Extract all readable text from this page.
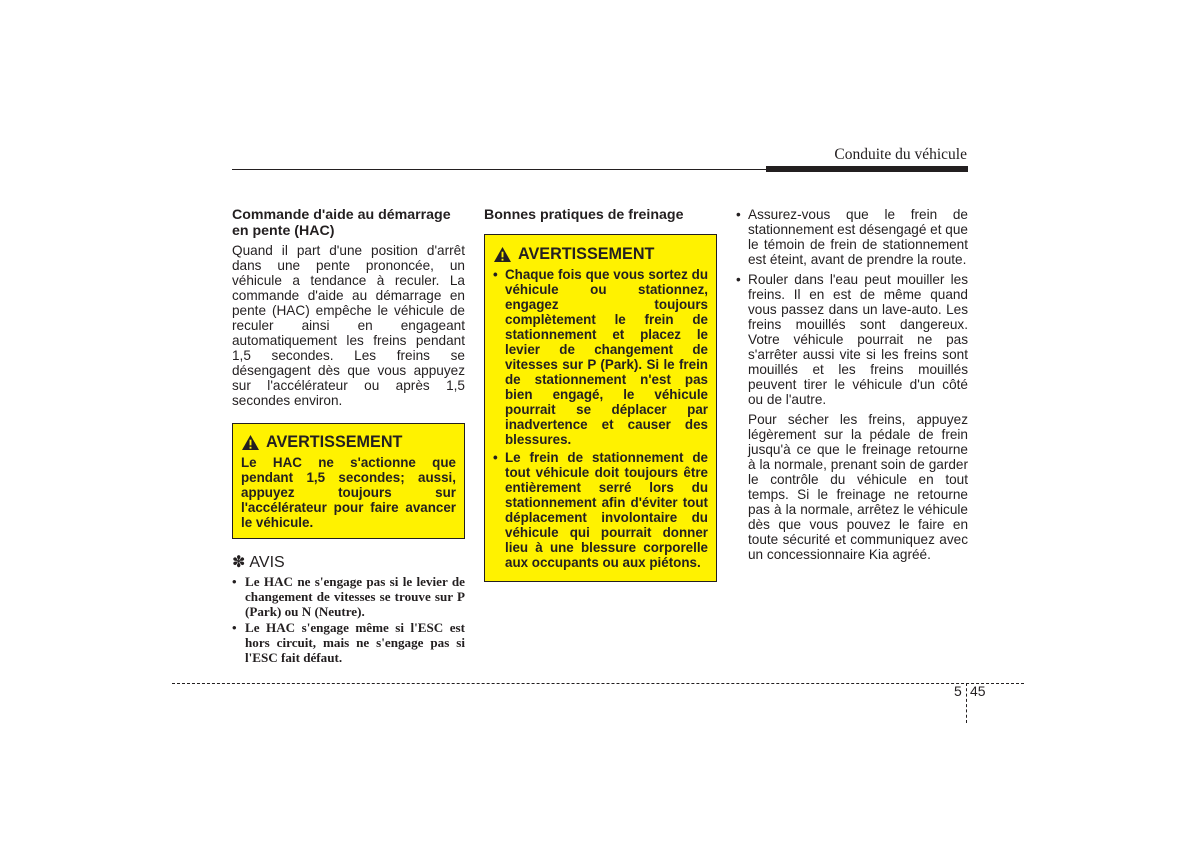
Conduite du véhicule
Commande d'aide au démarrage en pente (HAC)

Quand il part d'une position d'arrêt dans une pente prononcée, un véhicule a tendance à reculer. La commande d'aide au démarrage en pente (HAC) empêche le véhicule de reculer ainsi en engageant automatiquement les freins pendant 1,5 secondes. Les freins se désengagent dès que vous appuyez sur l'accélérateur ou après 1,5 secondes environ.

AVERTISSEMENT

Le HAC ne s'actionne que pendant 1,5 secondes; aussi, appuyez toujours sur l'accélérateur pour faire avancer le véhicule.

✽ AVIS
• Le HAC ne s'engage pas si le levier de changement de vitesses se trouve sur P (Park) ou N (Neutre).
• Le HAC s'engage même si l'ESC est hors circuit, mais ne s'engage pas si l'ESC fait défaut.
Bonnes pratiques de freinage
AVERTISSEMENT
• Chaque fois que vous sortez du véhicule ou stationnez, engagez toujours complètement le frein de stationnement et placez le levier de changement de vitesses sur P (Park). Si le frein de stationnement n'est pas bien engagé, le véhicule pourrait se déplacer par inadvertence et causer des blessures.
• Le frein de stationnement de tout véhicule doit toujours être entièrement serré lors du stationnement afin d'éviter tout déplacement involontaire du véhicule qui pourrait donner lieu à une blessure corporelle aux occupants ou aux piétons.
• Assurez-vous que le frein de stationnement est désengagé et que le témoin de frein de stationnement est éteint, avant de prendre la route.
• Rouler dans l'eau peut mouiller les freins. Il en est de même quand vous passez dans un lave-auto. Les freins mouillés sont dangereux. Votre véhicule pourrait ne pas s'arrêter aussi vite si les freins sont mouillés et les freins mouillés peuvent tirer le véhicule d'un côté ou de l'autre.

Pour sécher les freins, appuyez légèrement sur la pédale de frein jusqu'à ce que le freinage retourne à la normale, prenant soin de garder le contrôle du véhicule en tout temps. Si le freinage ne retourne pas à la normale, arrêtez le véhicule dès que vous pouvez le faire en toute sécurité et communiquez avec un concessionnaire Kia agréé.

5 45
